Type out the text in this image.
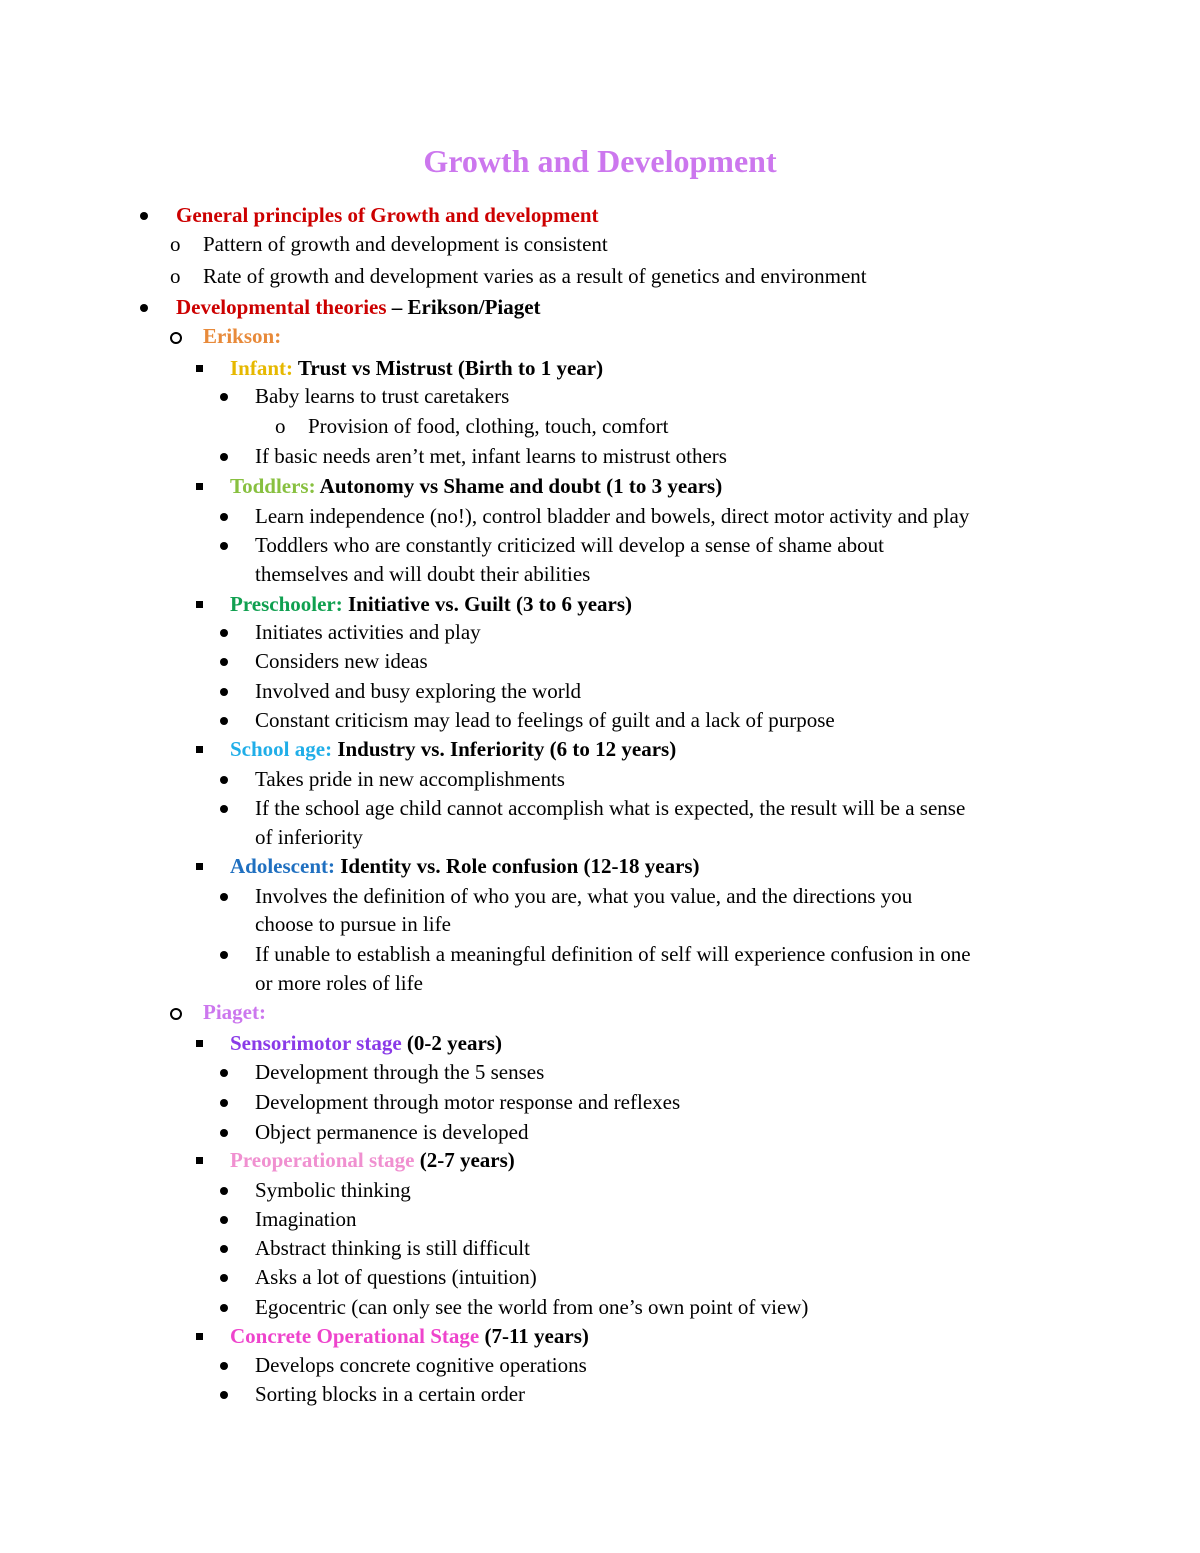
Growth and Development
General principles of Growth and development
o Pattern of growth and development is consistent
o Rate of growth and development varies as a result of genetics and environment
Developmental theories – Erikson/Piaget
Erikson:
Infant: Trust vs Mistrust (Birth to 1 year)
Baby learns to trust caretakers
o Provision of food, clothing, touch, comfort
If basic needs aren’t met, infant learns to mistrust others
Toddlers: Autonomy vs Shame and doubt (1 to 3 years)
Learn independence (no!), control bladder and bowels, direct motor activity and play
Toddlers who are constantly criticized will develop a sense of shame about
themselves and will doubt their abilities
Preschooler: Initiative vs. Guilt (3 to 6 years)
Initiates activities and play
Considers new ideas
Involved and busy exploring the world
Constant criticism may lead to feelings of guilt and a lack of purpose
School age: Industry vs. Inferiority (6 to 12 years)
Takes pride in new accomplishments
If the school age child cannot accomplish what is expected, the result will be a sense
of inferiority
Adolescent: Identity vs. Role confusion (12-18 years)
Involves the definition of who you are, what you value, and the directions you
choose to pursue in life
If unable to establish a meaningful definition of self will experience confusion in one
or more roles of life
Piaget:
Sensorimotor stage (0-2 years)
Development through the 5 senses
Development through motor response and reflexes
Object permanence is developed
Preoperational stage (2-7 years)
Symbolic thinking
Imagination
Abstract thinking is still difficult
Asks a lot of questions (intuition)
Egocentric (can only see the world from one’s own point of view)
Concrete Operational Stage (7-11 years)
Develops concrete cognitive operations
Sorting blocks in a certain order
